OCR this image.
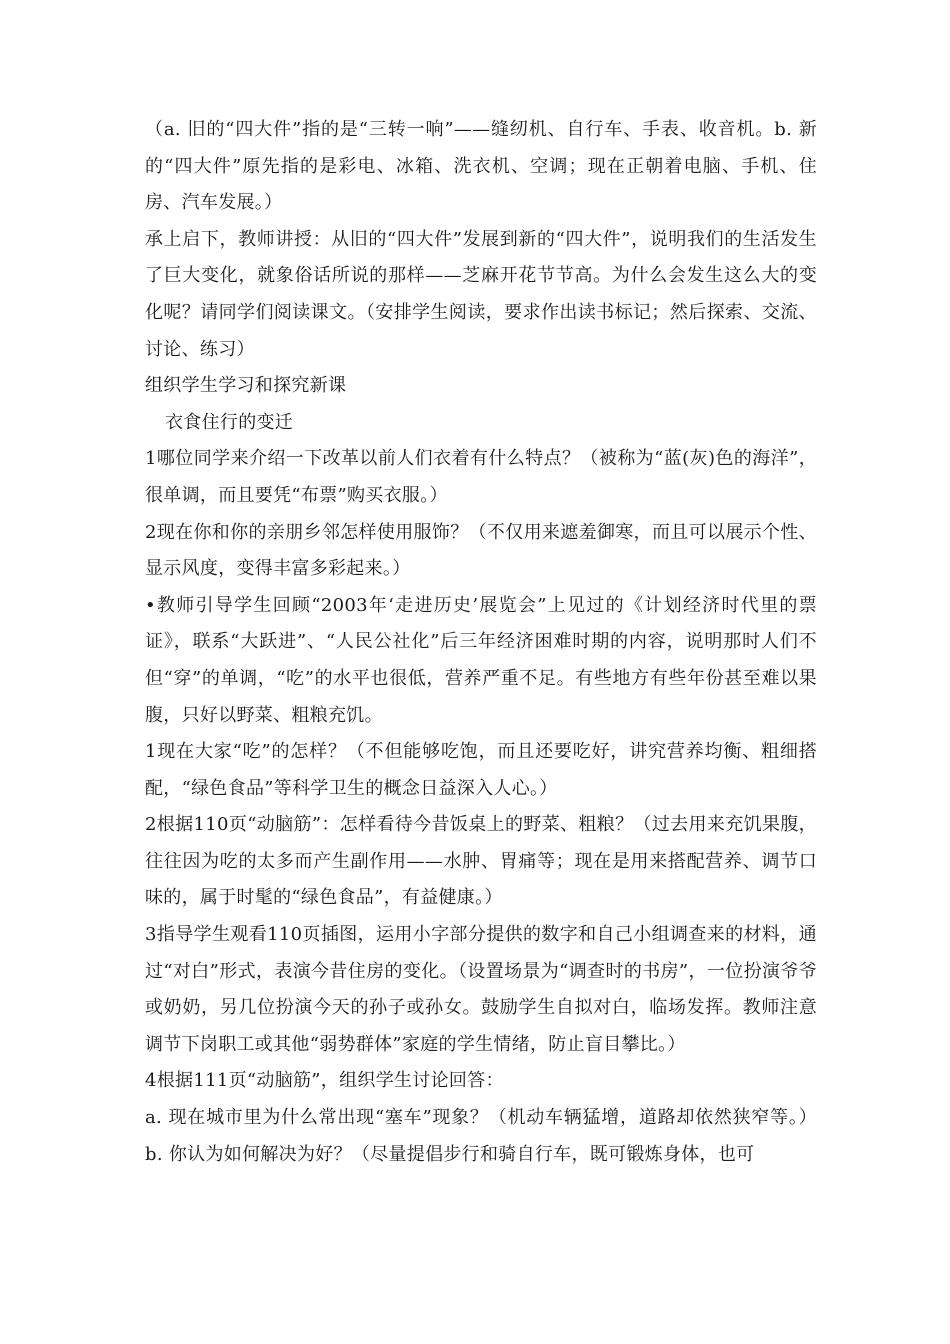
（a. 旧的“四大件”指的是“三转一响”——缝纫机、自行车、手表、收音机。b. 新的“四大件”原先指的是彩电、冰箱、洗衣机、空调；现在正朝着电脑、手机、住房、汽车发展。）

承上启下，教师讲授：从旧的“四大件”发展到新的“四大件”，说明我们的生活发生了巨大变化，就象俗话所说的那样——芝麻开花节节高。为什么会发生这么大的变化呢？请同学们阅读课文。（安排学生阅读，要求作出读书标记；然后探索、交流、讨论、练习）

组织学生学习和探究新课

衣食住行的变迁

1哪位同学来介绍一下改革以前人们衣着有什么特点？（被称为“蓝(灰)色的海洋”，很单调，而且要凭“布票”购买衣服。）

2现在你和你的亲朋乡邻怎样使用服饰？（不仅用来遮羞御寒，而且可以展示个性、显示风度，变得丰富多彩起来。）

•教师引导学生回顾“2003年‘走进历史’展览会”上见过的《计划经济时代里的票证》，联系“大跃进”、“人民公社化”后三年经济困难时期的内容，说明那时人们不但“穿”的单调，“吃”的水平也很低，营养严重不足。有些地方有些年份甚至难以果腹，只好以野菜、粗粮充饥。

1现在大家“吃”的怎样？（不但能够吃饱，而且还要吃好，讲究营养均衡、粗细搭配，“绿色食品”等科学卫生的概念日益深入人心。）

2根据110页“动脑筋”：怎样看待今昔饭桌上的野菜、粗粮？（过去用来充饥果腹，往往因为吃的太多而产生副作用——水肿、胃痛等；现在是用来搭配营养、调节口味的，属于时髦的“绿色食品”，有益健康。）

3指导学生观看110页插图，运用小字部分提供的数字和自己小组调查来的材料，通过“对白”形式，表演今昔住房的变化。（设置场景为“调查时的书房”，一位扮演爷爷或奶奶，另几位扮演今天的孙子或孙女。鼓励学生自拟对白，临场发挥。教师注意调节下岗职工或其他“弱势群体”家庭的学生情绪，防止盲目攀比。）

4根据111页“动脑筋”，组织学生讨论回答：

a. 现在城市里为什么常出现“塞车”现象？（机动车辆猛增，道路却依然狭窄等。）b. 你认为如何解决为好？（尽量提倡步行和骑自行车，既可锻炼身体，也可
